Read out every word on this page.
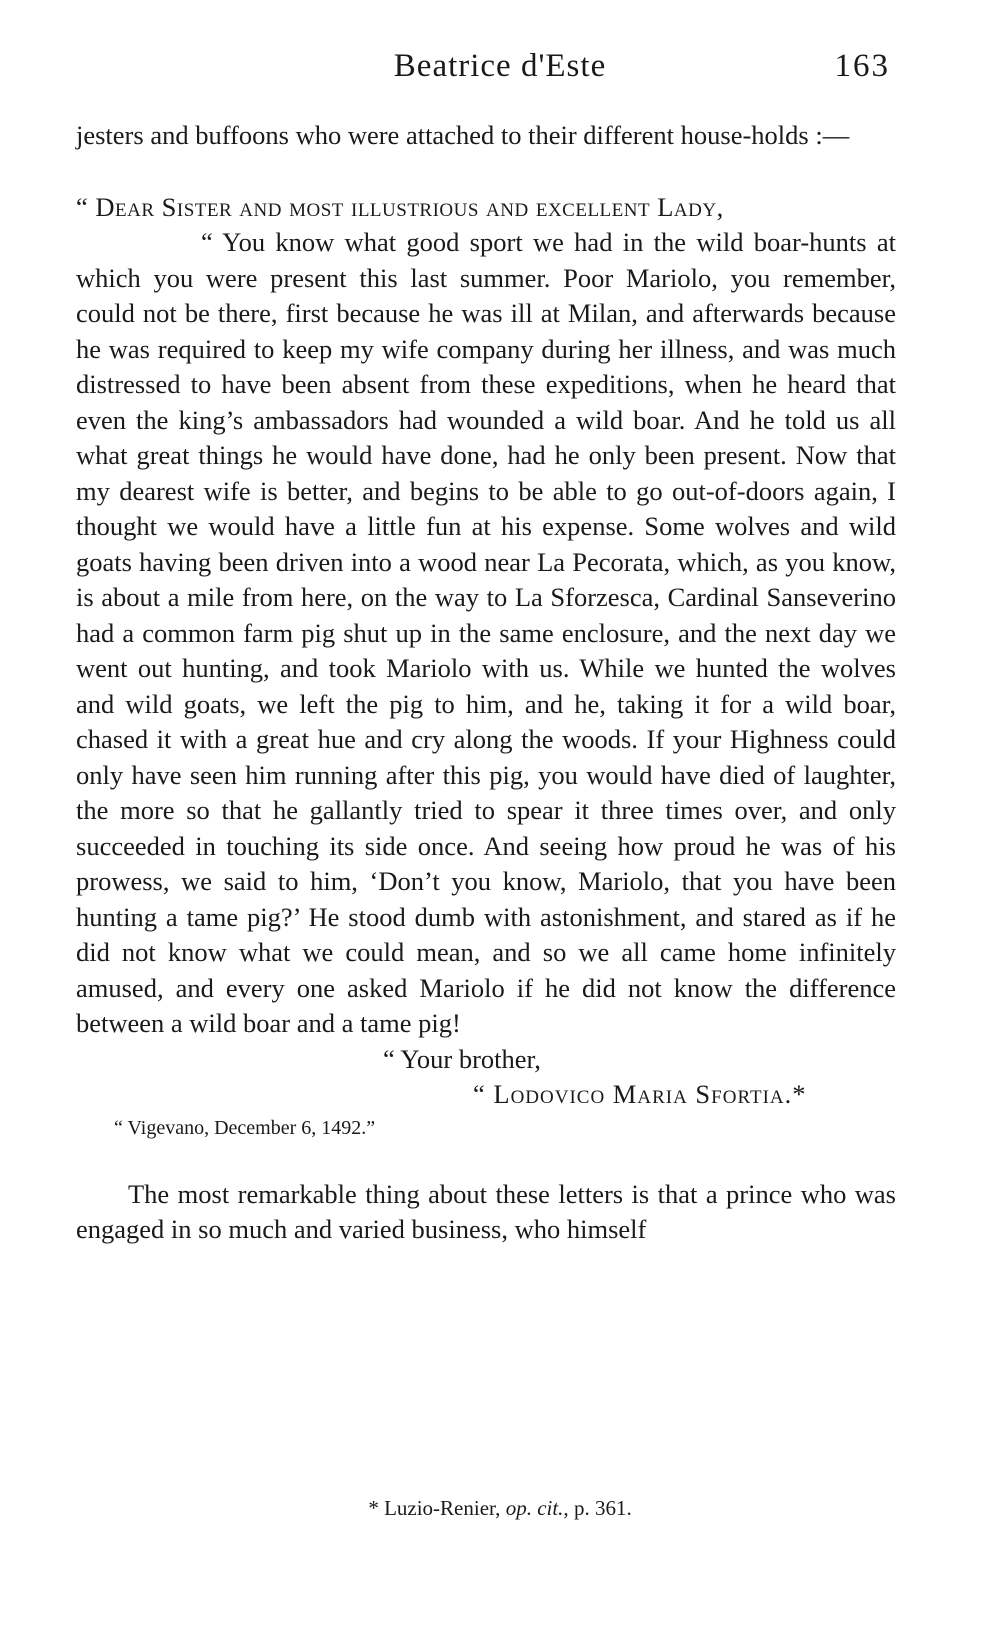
Beatrice d'Este	163

jesters and buffoons who were attached to their different house-holds :—

“ Dear Sister and most illustrious and excellent Lady,

“ You know what good sport we had in the wild boar-hunts at which you were present this last summer. Poor Mariolo, you remember, could not be there, first because he was ill at Milan, and afterwards because he was required to keep my wife company during her illness, and was much distressed to have been absent from these expeditions, when he heard that even the king’s ambassadors had wounded a wild boar. And he told us all what great things he would have done, had he only been present. Now that my dearest wife is better, and begins to be able to go out-of-doors again, I thought we would have a little fun at his expense. Some wolves and wild goats having been driven into a wood near La Pecorata, which, as you know, is about a mile from here, on the way to La Sforzesca, Cardinal Sanseverino had a common farm pig shut up in the same enclosure, and the next day we went out hunting, and took Mariolo with us. While we hunted the wolves and wild goats, we left the pig to him, and he, taking it for a wild boar, chased it with a great hue and cry along the woods. If your Highness could only have seen him running after this pig, you would have died of laughter, the more so that he gallantly tried to spear it three times over, and only succeeded in touching its side once. And seeing how proud he was of his prowess, we said to him, ‘Don’t you know, Mariolo, that you have been hunting a tame pig?’ He stood dumb with astonishment, and stared as if he did not know what we could mean, and so we all came home infinitely amused, and every one asked Mariolo if he did not know the difference between a wild boar and a tame pig!

“ Your brother,

“ Lodovico Maria Sfortia.*

“ Vigevano, December 6, 1492.”

The most remarkable thing about these letters is that a prince who was engaged in so much and varied business, who himself

* Luzio-Renier, op. cit., p. 361.
